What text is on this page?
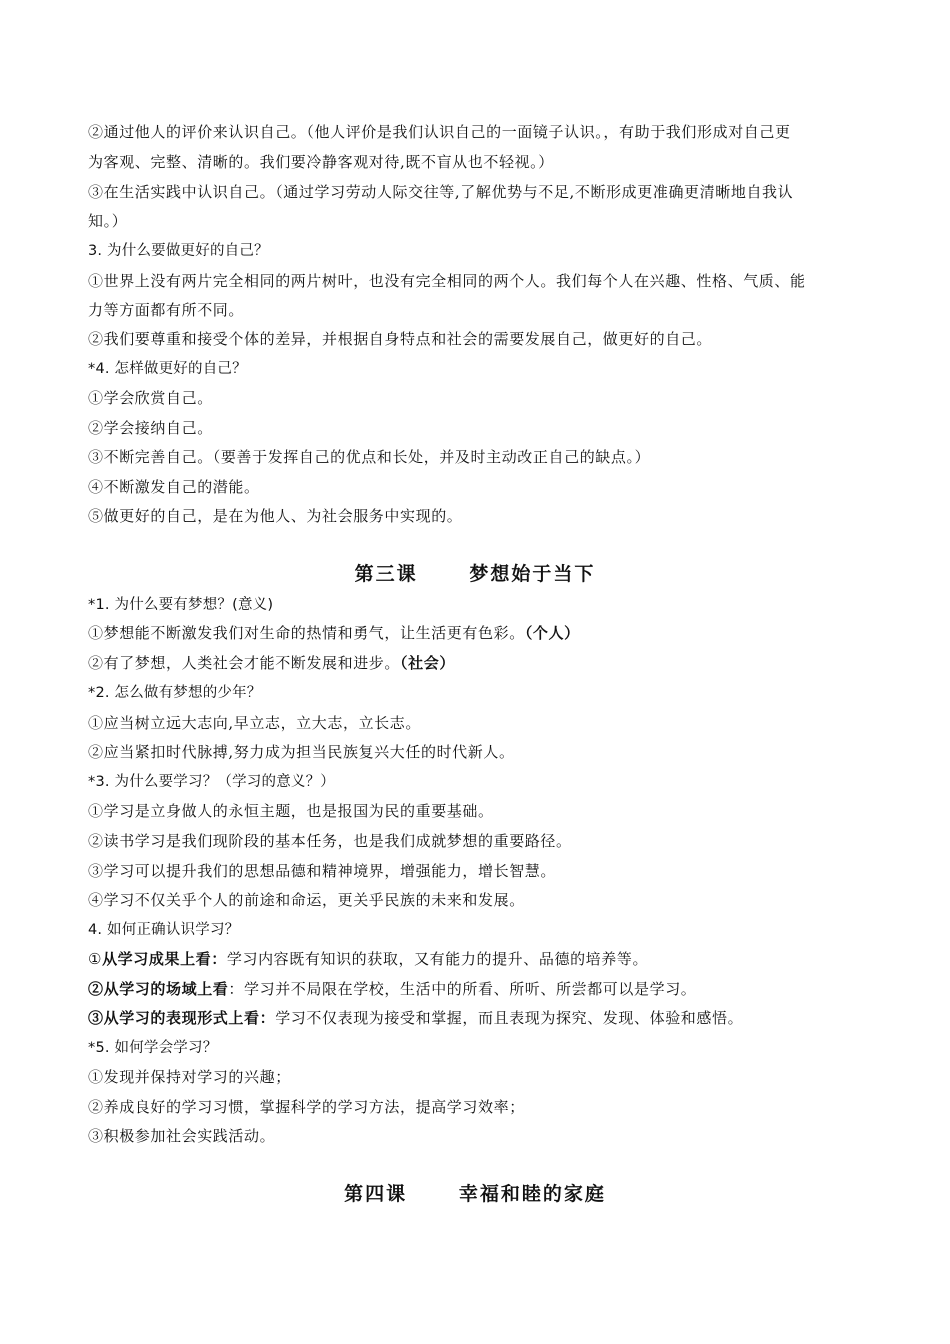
②通过他人的评价来认识自己。（他人评价是我们认识自己的一面镜子认识。，有助于我们形成对自己更
为客观、完整、清晰的。我们要冷静客观对待,既不盲从也不轻视。）
③在生活实践中认识自己。（通过学习劳动人际交往等,了解优势与不足,不断形成更准确更清晰地自我认
知。）
3. 为什么要做更好的自己？
①世界上没有两片完全相同的两片树叶，也没有完全相同的两个人。我们每个人在兴趣、性格、气质、能
力等方面都有所不同。
②我们要尊重和接受个体的差异，并根据自身特点和社会的需要发展自己，做更好的自己。
*4. 怎样做更好的自己？
①学会欣赏自己。
②学会接纳自己。
③不断完善自己。（要善于发挥自己的优点和长处，并及时主动改正自己的缺点。）
④不断激发自己的潜能。
⑤做更好的自己，是在为他人、为社会服务中实现的。
第三课      梦想始于当下
*1. 为什么要有梦想？(意义)
①梦想能不断激发我们对生命的热情和勇气，让生活更有色彩。（个人）
②有了梦想，人类社会才能不断发展和进步。（社会）
*2. 怎么做有梦想的少年？
①应当树立远大志向,早立志，立大志，立长志。
②应当紧扣时代脉搏,努力成为担当民族复兴大任的时代新人。
*3. 为什么要学习？（学习的意义？）
①学习是立身做人的永恒主题，也是报国为民的重要基础。
②读书学习是我们现阶段的基本任务，也是我们成就梦想的重要路径。
③学习可以提升我们的思想品德和精神境界，增强能力，增长智慧。
④学习不仅关乎个人的前途和命运，更关乎民族的未来和发展。
4. 如何正确认识学习？
①从学习成果上看：学习内容既有知识的获取，又有能力的提升、品德的培养等。
②从学习的场域上看：学习并不局限在学校，生活中的所看、所听、所尝都可以是学习。
③从学习的表现形式上看：学习不仅表现为接受和掌握，而且表现为探究、发现、体验和感悟。
*5. 如何学会学习？
①发现并保持对学习的兴趣；
②养成良好的学习习惯，掌握科学的学习方法，提高学习效率；
③积极参加社会实践活动。
第四课      幸福和睦的家庭
